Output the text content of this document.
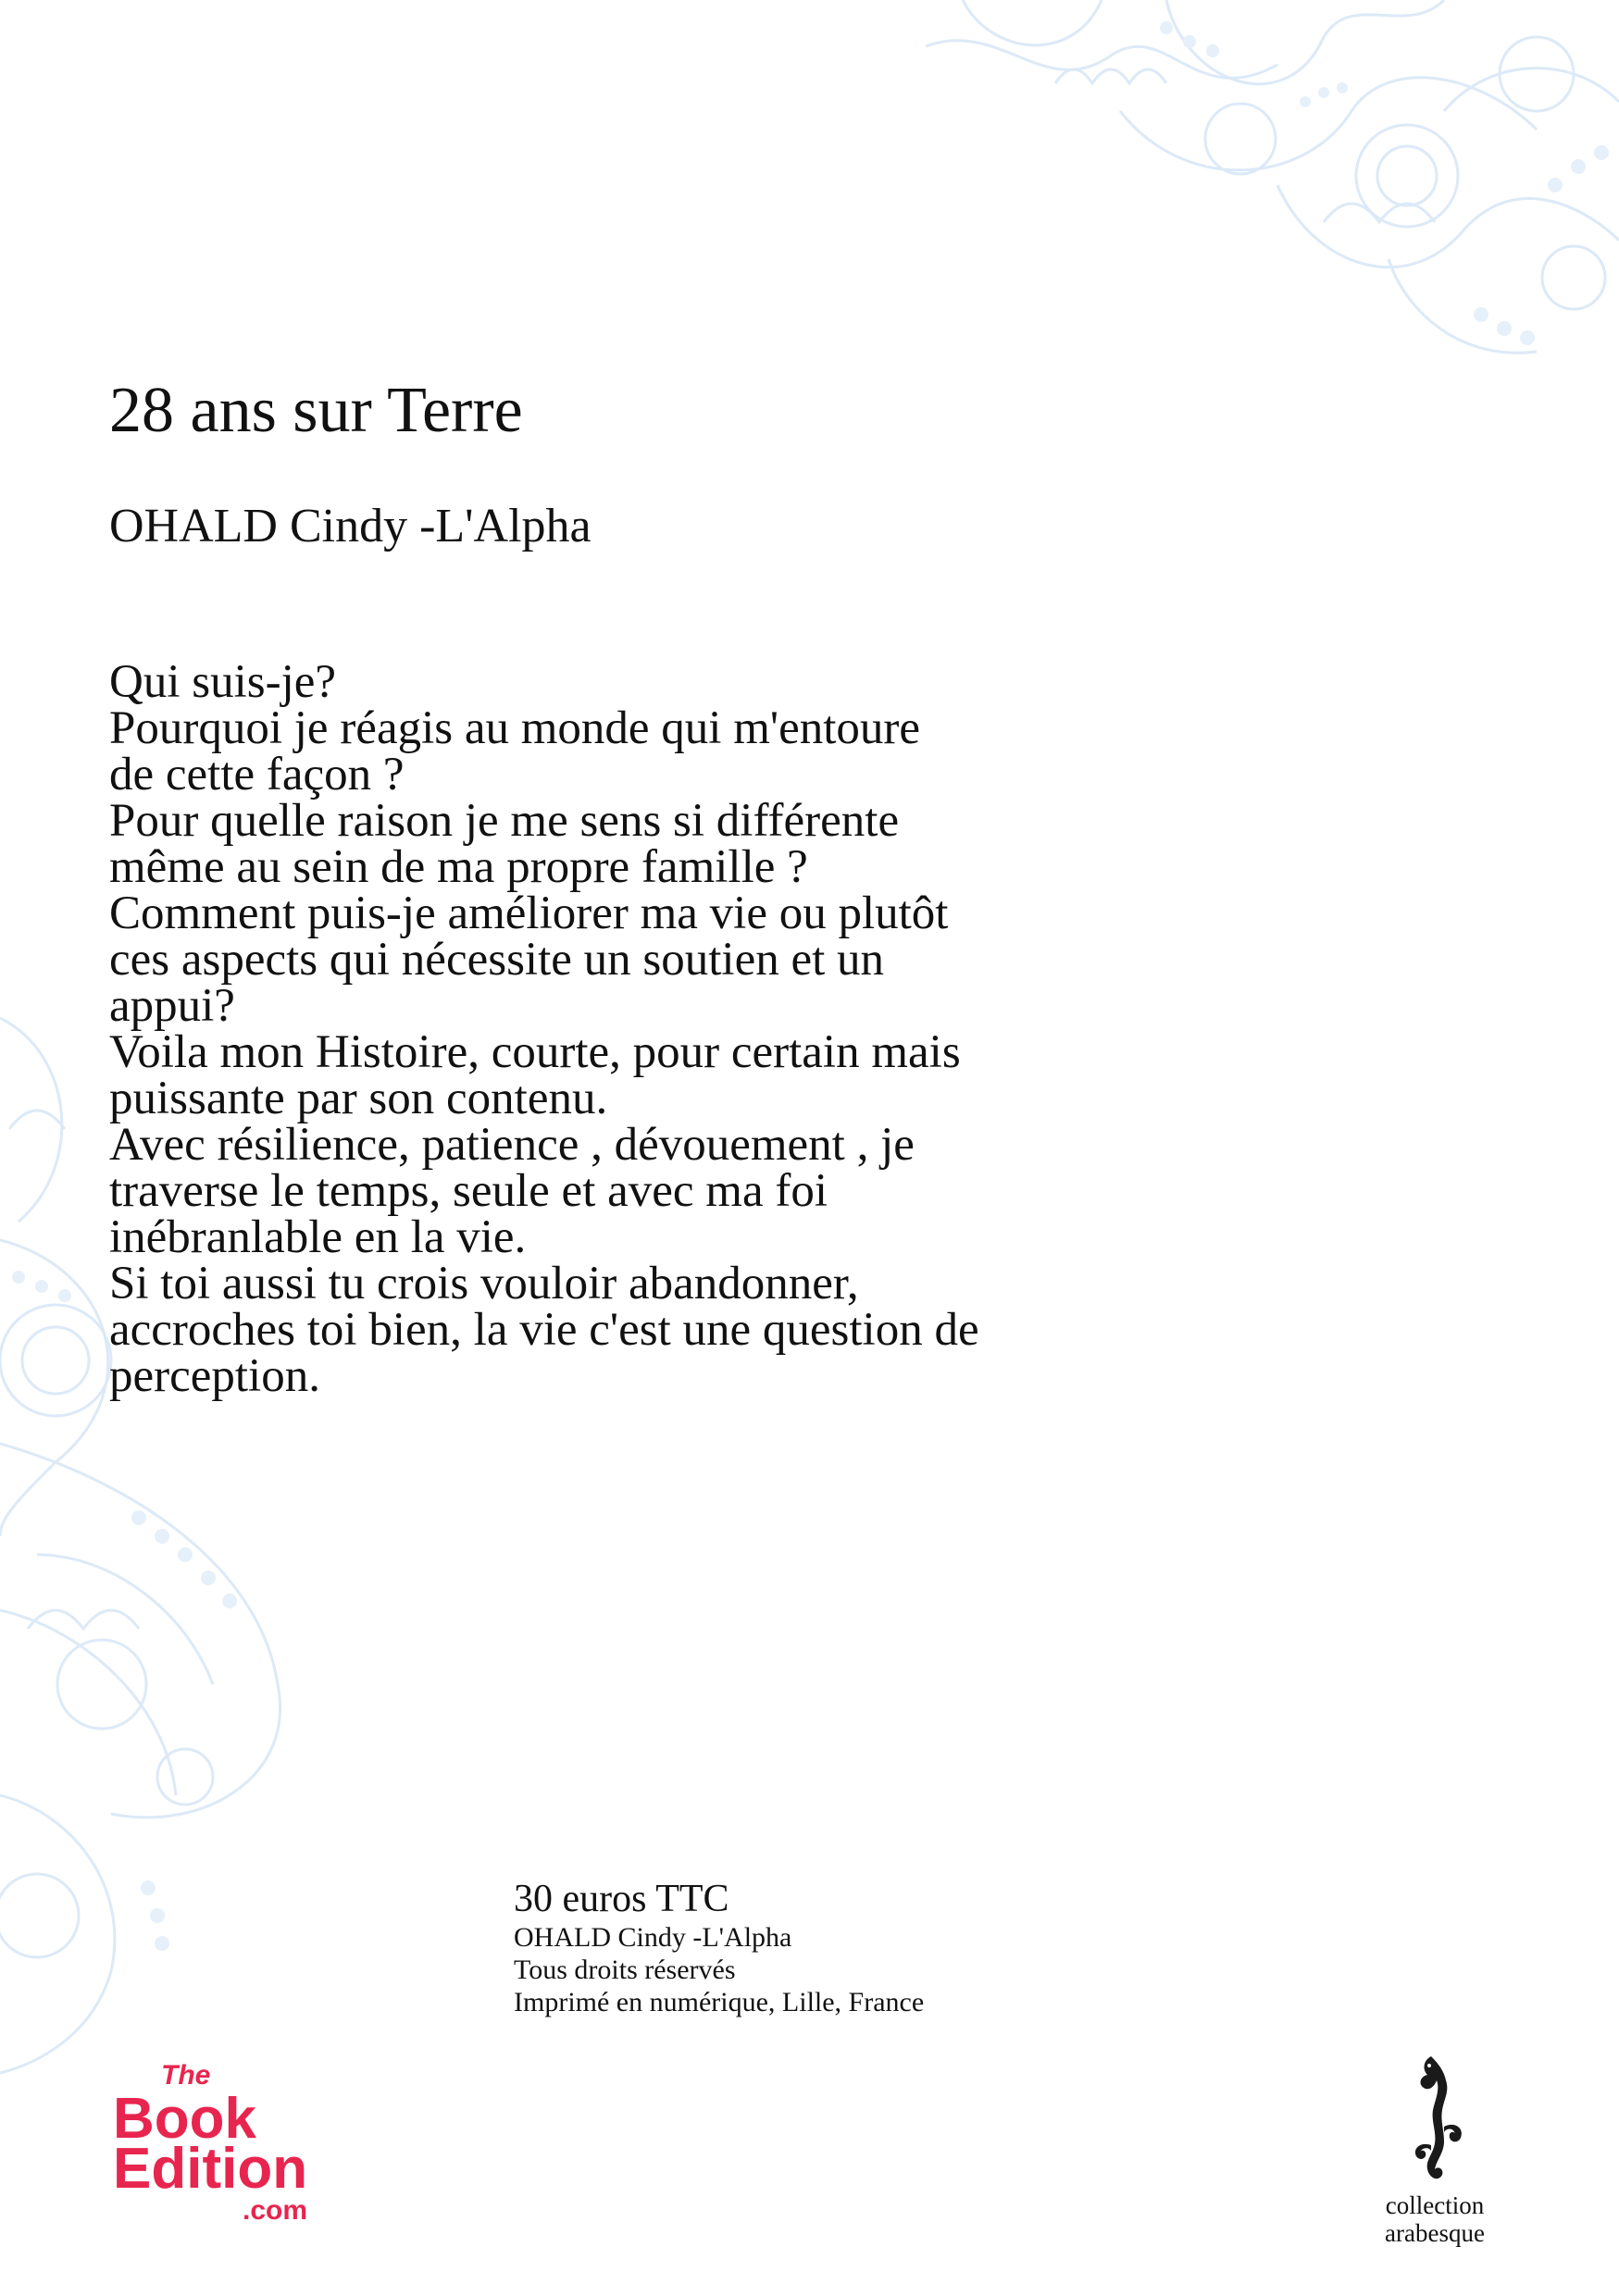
28 ans sur Terre

OHALD Cindy -L'Alpha

Qui suis-je?
Pourquoi je réagis au monde qui m'entoure
de cette façon ?
Pour quelle raison je me sens si différente
même au sein de ma propre famille ?
Comment puis-je améliorer ma vie ou plutôt
ces aspects qui nécessite un soutien et un
appui?
Voila mon Histoire, courte, pour certain mais
puissante par son contenu.
Avec résilience, patience , dévouement , je
traverse le temps, seule et avec ma foi
inébranlable en la vie.
Si toi aussi tu crois vouloir abandonner,
accroches toi bien, la vie c'est une question de
perception.
30 euros TTC
OHALD Cindy -L'Alpha
Tous droits réservés
Imprimé en numérique, Lille, France
The
Book
Edition
.com	collection
arabesque
